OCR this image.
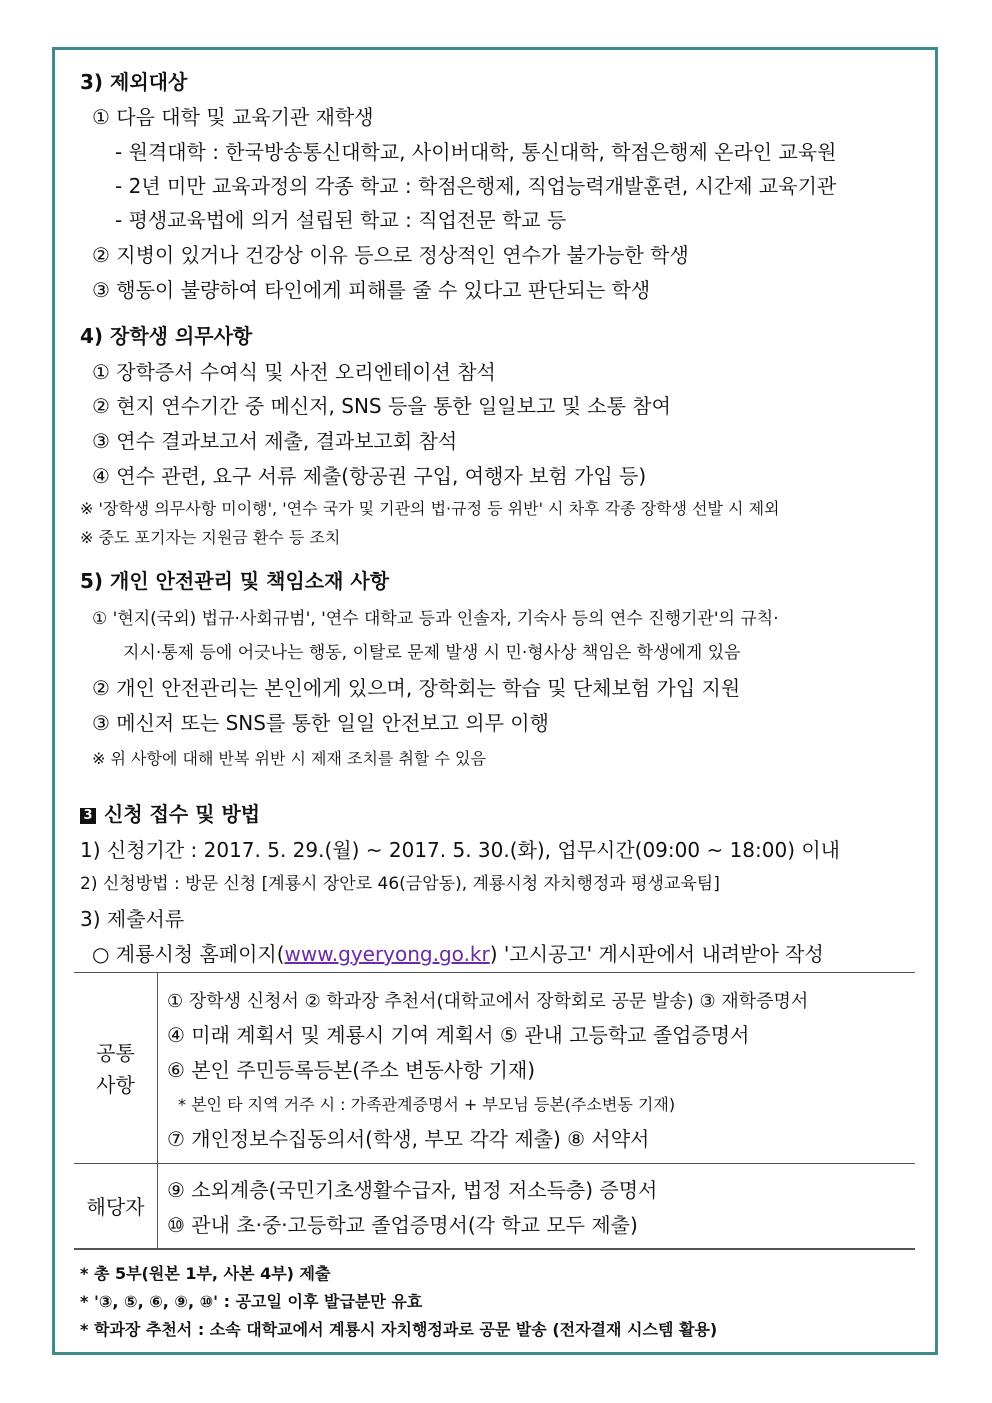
3) 제외대상
① 다음 대학 및 교육기관 재학생
- 원격대학 : 한국방송통신대학교, 사이버대학, 통신대학, 학점은행제 온라인 교육원
- 2년 미만 교육과정의 각종 학교 : 학점은행제, 직업능력개발훈련, 시간제 교육기관
- 평생교육법에 의거 설립된 학교 : 직업전문 학교 등
② 지병이 있거나 건강상 이유 등으로 정상적인 연수가 불가능한 학생
③ 행동이 불량하여 타인에게 피해를 줄 수 있다고 판단되는 학생
4) 장학생 의무사항
① 장학증서 수여식 및 사전 오리엔테이션 참석
② 현지 연수기간 중 메신저, SNS 등을 통한 일일보고 및 소통 참여
③ 연수 결과보고서 제출, 결과보고회 참석
④ 연수 관련, 요구 서류 제출(항공권 구입, 여행자 보험 가입 등)
※ '장학생 의무사항 미이행', '연수 국가 및 기관의 법·규정 등 위반' 시 차후 각종 장학생 선발 시 제외
※ 중도 포기자는 지원금 환수 등 조치
5) 개인 안전관리 및 책임소재 사항
① '현지(국외) 법규·사회규범', '연수 대학교 등과 인솔자, 기숙사 등의 연수 진행기관'의 규칙·
지시·통제 등에 어긋나는 행동, 이탈로 문제 발생 시 민·형사상 책임은 학생에게 있음
② 개인 안전관리는 본인에게 있으며, 장학회는 학습 및 단체보험 가입 지원
③ 메신저 또는 SNS를 통한 일일 안전보고 의무 이행
※ 위 사항에 대해 반복 위반 시 제재 조치를 취할 수 있음
3 신청 접수 및 방법
1) 신청기간 : 2017. 5. 29.(월) ~ 2017. 5. 30.(화), 업무시간(09:00 ~ 18:00) 이내
2) 신청방법 : 방문 신청 [계룡시 장안로 46(금암동), 계룡시청 자치행정과 평생교육팀]
3) 제출서류
○ 계룡시청 홈페이지(www.gyeryong.go.kr) '고시공고' 게시판에서 내려받아 작성
공통
사항
① 장학생 신청서 ② 학과장 추천서(대학교에서 장학회로 공문 발송) ③ 재학증명서
④ 미래 계획서 및 계룡시 기여 계획서 ⑤ 관내 고등학교 졸업증명서
⑥ 본인 주민등록등본(주소 변동사항 기재)
* 본인 타 지역 거주 시 : 가족관계증명서 + 부모님 등본(주소변동 기재)
⑦ 개인정보수집동의서(학생, 부모 각각 제출) ⑧ 서약서
해당자
⑨ 소외계층(국민기초생활수급자, 법정 저소득층) 증명서
⑩ 관내 초·중·고등학교 졸업증명서(각 학교 모두 제출)
* 총 5부(원본 1부, 사본 4부) 제출
* '③, ⑤, ⑥, ⑨, ⑩' : 공고일 이후 발급분만 유효
* 학과장 추천서 : 소속 대학교에서 계룡시 자치행정과로 공문 발송 (전자결재 시스템 활용)
